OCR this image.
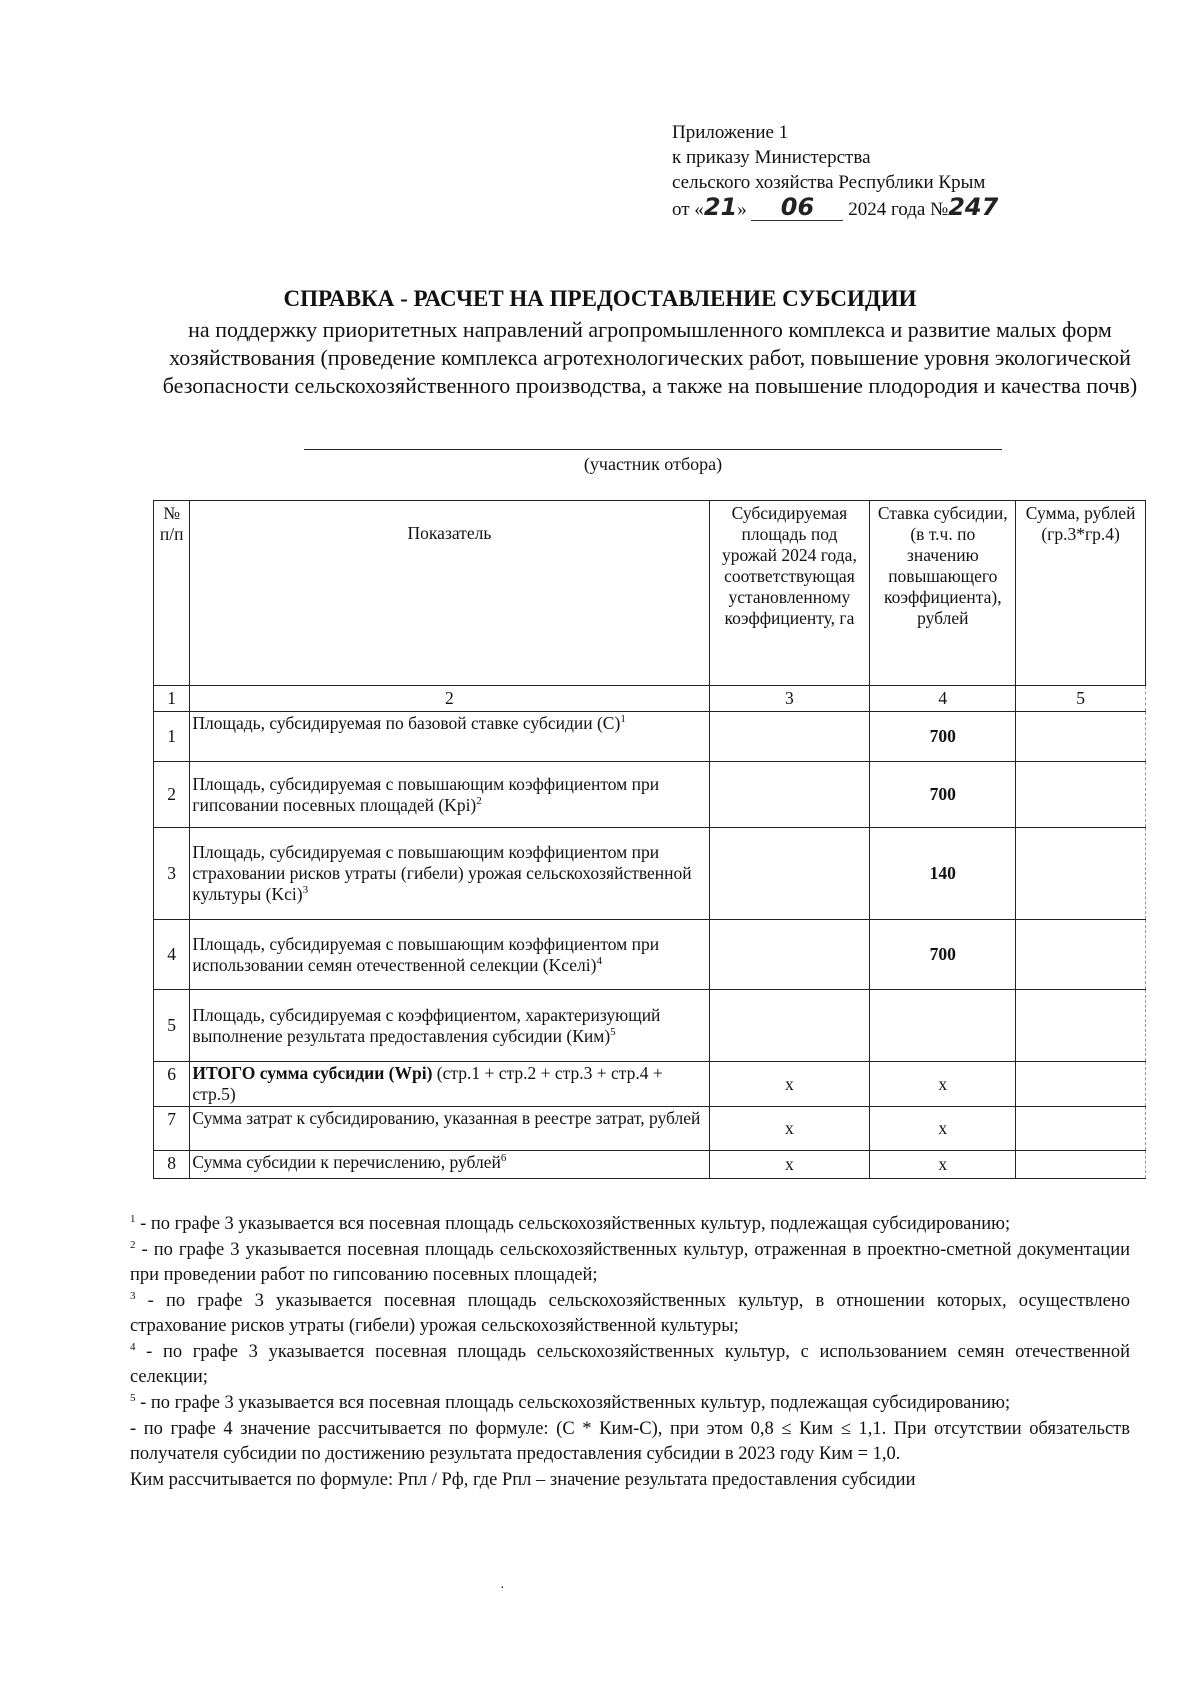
Приложение 1
к приказу Министерства
сельского хозяйства Республики Крым
от «21» 06 2024 года №247
СПРАВКА - РАСЧЕТ НА ПРЕДОСТАВЛЕНИЕ СУБСИДИИ
на поддержку приоритетных направлений агропромышленного комплекса и развитие малых форм хозяйствования (проведение комплекса агротехнологических работ, повышение уровня экологической безопасности сельскохозяйственного производства, а также на повышение плодородия и качества почв)
(участник отбора)
№ п/п	Показатель	Субсидируемая площадь под урожай 2024 года, соответствующая установленному коэффициенту, га	Ставка субсидии, (в т.ч. по значению повышающего коэффициента), рублей	Сумма, рублей (гр.3*гр.4)
1	2	3	4	5
1	Площадь, субсидируемая по базовой ставке субсидии $(С)^1$		700	
2	Площадь, субсидируемая с повышающим коэффициентом при гипсовании посевных площадей (Kpi)$^2$		700	
3	Площадь, субсидируемая с повышающим коэффициентом при страховании рисков утраты (гибели) урожая сельскохозяйственной культуры (Kci)$^3$		140	
4	Площадь, субсидируемая с повышающим коэффициентом при использовании семян отечественной селекции (Kселi)$^4$		700	
5	Площадь, субсидируемая с коэффициентом, характеризующий выполнение результата предоставления субсидии (Ким)$^5$			
6	ИТОГО сумма субсидии (Wpi) (стр.1 + стр.2 + стр.3 + стр.4 + стр.5)	x	x	
7	Сумма затрат к субсидированию, указанная в реестре затрат, рублей	x	x	
8	Сумма субсидии к перечислению, рублей$^6$	x	x	

$^1$ - по графе 3 указывается вся посевная площадь сельскохозяйственных культур, подлежащая субсидированию;

$^2$ - по графе 3 указывается посевная площадь сельскохозяйственных культур, отраженная в проектно-сметной документации при проведении работ по гипсованию посевных площадей;

$^3$ - по графе 3 указывается посевная площадь сельскохозяйственных культур, в отношении которых, осуществлено страхование рисков утраты (гибели) урожая сельскохозяйственной культуры;

$^4$ - по графе 3 указывается посевная площадь сельскохозяйственных культур, с использованием семян отечественной селекции;

$^5$ - по графе 3 указывается вся посевная площадь сельскохозяйственных культур, подлежащая субсидированию;

- по графе 4 значение рассчитывается по формуле: (С * Ким-С), при этом 0,8 ≤ Ким ≤ 1,1. При отсутствии обязательств получателя субсидии по достижению результата предоставления субсидии в 2023 году Ким = 1,0.

Ким рассчитывается по формуле: Рпл / Рф, где Рпл – значение результата предоставления субсидии

·
